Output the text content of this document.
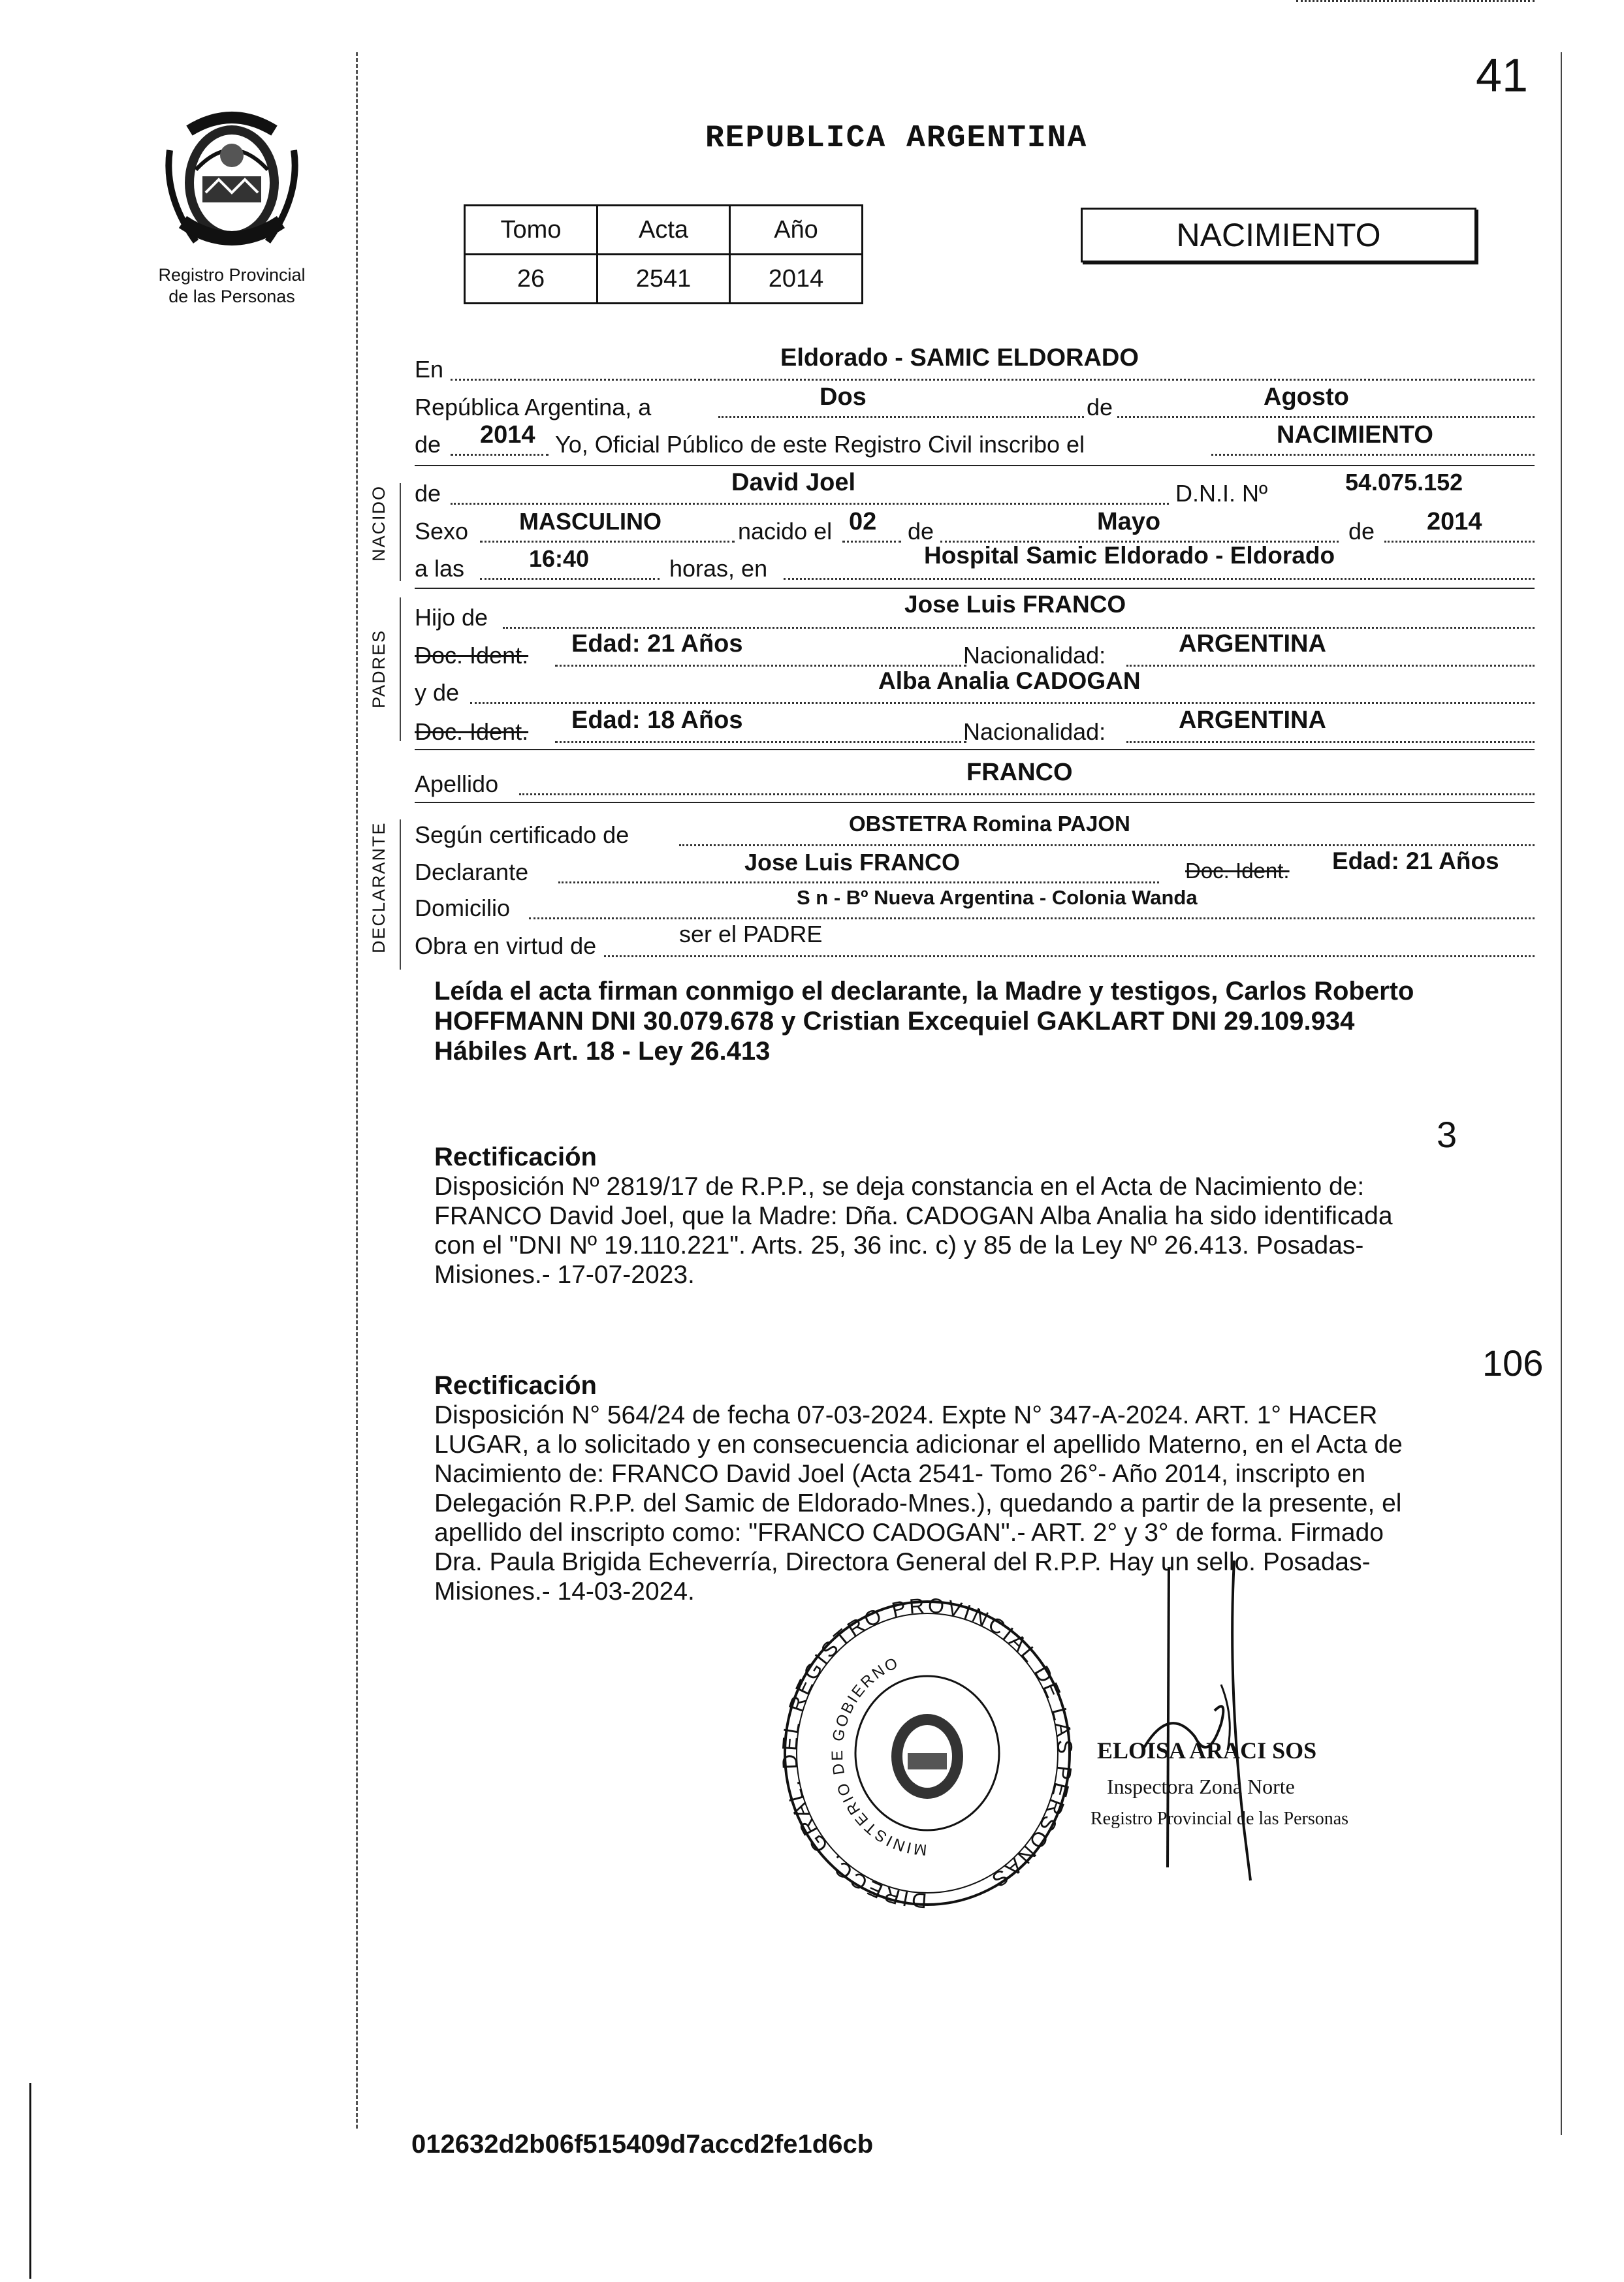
Registro Provincial
de las Personas
41
REPUBLICA ARGENTINA
Tomo	Acta	Año
26	2541	2014
NACIMIENTO
En	Eldorado - SAMIC ELDORADO
República Argentina, a	Dos	de	Agosto
de 2014 Yo, Oficial Público de este Registro Civil inscribo el	NACIMIENTO
NACIDO de	David Joel	D.N.I. Nº	54.075.152
Sexo MASCULINO	nacido el 02 de	Mayo	de 2014
a las	16:40	horas, en	Hospital Samic Eldorado - Eldorado
PADRES
Hijo de	Jose Luis FRANCO
Doc. Ident. Edad: 21 Años	Nacionalidad:	ARGENTINA
y de	Alba Analia CADOGAN
Doc. Ident. Edad: 18 Años	Nacionalidad:	ARGENTINA
Apellido	FRANCO
DECLARANTE Según certificado de	OBSTETRA Romina PAJON
Declarante	Jose Luis FRANCO	Doc. Ident. Edad: 21 Años
Domicilio	S n - Bº Nueva Argentina - Colonia Wanda
Obra en virtud de	ser el PADRE
Leída el acta firman conmigo el declarante, la Madre y testigos, Carlos Roberto
HOFFMANN DNI 30.079.678 y Cristian Excequiel GAKLART DNI 29.109.934
Hábiles Art. 18 - Ley 26.413
3
Rectificación
Disposición Nº 2819/17 de R.P.P., se deja constancia en el Acta de Nacimiento de:
FRANCO David Joel, que la Madre: Dña. CADOGAN Alba Analia ha sido identificada
con el "DNI Nº 19.110.221". Arts. 25, 36 inc. c) y 85 de la Ley Nº 26.413. Posadas-
Misiones.- 17-07-2023.
106
Rectificación
Disposición N° 564/24 de fecha 07-03-2024. Expte N° 347-A-2024. ART. 1° HACER
LUGAR, a lo solicitado y en consecuencia adicionar el apellido Materno, en el Acta de
Nacimiento de: FRANCO David Joel (Acta 2541- Tomo 26°- Año 2014, inscripto en
Delegación R.P.P. del Samic de Eldorado-Mnes.), quedando a partir de la presente, el
apellido del inscripto como: "FRANCO CADOGAN".- ART. 2° y 3° de forma. Firmado
Dra. Paula Brigida Echeverría, Directora General del R.P.P. Hay un sello. Posadas-
Misiones.- 14-03-2024.
DIRECC. GRAL. DEL REGISTRO PROVINCIAL DE LAS PERSONAS
MINISTERIO DE GOBIERNO
ELOISA ARACI SOS
Inspectora Zona Norte
Registro Provincial de las Personas
012632d2b06f515409d7accd2fe1d6cb
